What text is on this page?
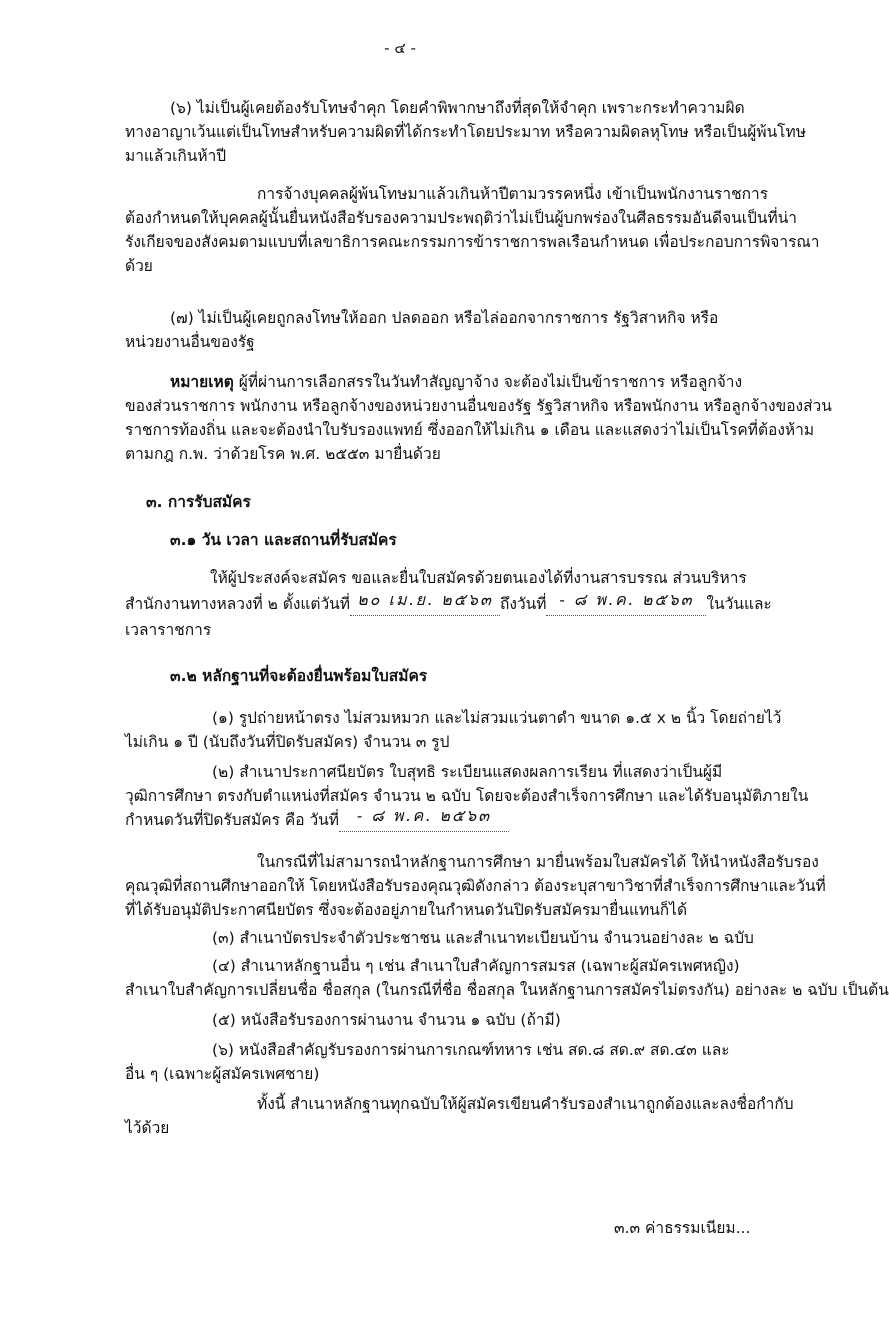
- ๔ -
(๖) ไม่เป็นผู้เคยต้องรับโทษจำคุก โดยคำพิพากษาถึงที่สุดให้จำคุก เพราะกระทำความผิด
ทางอาญาเว้นแต่เป็นโทษสำหรับความผิดที่ได้กระทำโดยประมาท หรือความผิดลหุโทษ หรือเป็นผู้พ้นโทษ
มาแล้วเกินห้าปี
การจ้างบุคคลผู้พ้นโทษมาแล้วเกินห้าปีตามวรรคหนึ่ง เข้าเป็นพนักงานราชการ
ต้องกำหนดให้บุคคลผู้นั้นยื่นหนังสือรับรองความประพฤติว่าไม่เป็นผู้บกพร่องในศีลธรรมอันดีจนเป็นที่น่า
รังเกียจของสังคมตามแบบที่เลขาธิการคณะกรรมการข้าราชการพลเรือนกำหนด เพื่อประกอบการพิจารณา
ด้วย
(๗) ไม่เป็นผู้เคยถูกลงโทษให้ออก ปลดออก หรือไล่ออกจากราชการ รัฐวิสาหกิจ หรือ
หน่วยงานอื่นของรัฐ
หมายเหตุ ผู้ที่ผ่านการเลือกสรรในวันทำสัญญาจ้าง จะต้องไม่เป็นข้าราชการ หรือลูกจ้าง
ของส่วนราชการ พนักงาน หรือลูกจ้างของหน่วยงานอื่นของรัฐ รัฐวิสาหกิจ หรือพนักงาน หรือลูกจ้างของส่วน
ราชการท้องถิ่น และจะต้องนำใบรับรองแพทย์ ซึ่งออกให้ไม่เกิน ๑ เดือน และแสดงว่าไม่เป็นโรคที่ต้องห้าม
ตามกฎ ก.พ. ว่าด้วยโรค พ.ศ. ๒๕๕๓ มายื่นด้วย
๓. การรับสมัคร
๓.๑ วัน เวลา และสถานที่รับสมัคร
ให้ผู้ประสงค์จะสมัคร ขอและยื่นใบสมัครด้วยตนเองได้ที่งานสารบรรณ ส่วนบริหาร
สำนักงานทางหลวงที่ ๒ ตั้งแต่วันที่ ๒๐ เม.ย. ๒๕๖๓ ถึงวันที่ - ๘ พ.ค. ๒๕๖๓ ในวันและ
เวลาราชการ
๓.๒ หลักฐานที่จะต้องยื่นพร้อมใบสมัคร
(๑) รูปถ่ายหน้าตรง ไม่สวมหมวก และไม่สวมแว่นตาดำ ขนาด ๑.๕ x ๒ นิ้ว โดยถ่ายไว้
ไม่เกิน ๑ ปี (นับถึงวันที่ปิดรับสมัคร) จำนวน ๓ รูป
(๒) สำเนาประกาศนียบัตร ใบสุทธิ ระเบียนแสดงผลการเรียน ที่แสดงว่าเป็นผู้มี
วุฒิการศึกษา ตรงกับตำแหน่งที่สมัคร จำนวน ๒ ฉบับ โดยจะต้องสำเร็จการศึกษา และได้รับอนุมัติภายใน
กำหนดวันที่ปิดรับสมัคร คือ วันที่ - ๘ พ.ค. ๒๕๖๓
ในกรณีที่ไม่สามารถนำหลักฐานการศึกษา มายื่นพร้อมใบสมัครได้ ให้นำหนังสือรับรอง
คุณวุฒิที่สถานศึกษาออกให้ โดยหนังสือรับรองคุณวุฒิดังกล่าว ต้องระบุสาขาวิชาที่สำเร็จการศึกษาและวันที่
ที่ได้รับอนุมัติประกาศนียบัตร ซึ่งจะต้องอยู่ภายในกำหนดวันปิดรับสมัครมายื่นแทนก็ได้
(๓) สำเนาบัตรประจำตัวประชาชน และสำเนาทะเบียนบ้าน จำนวนอย่างละ ๒ ฉบับ
(๔) สำเนาหลักฐานอื่น ๆ เช่น สำเนาใบสำคัญการสมรส (เฉพาะผู้สมัครเพศหญิง)
สำเนาใบสำคัญการเปลี่ยนชื่อ ชื่อสกุล (ในกรณีที่ชื่อ ชื่อสกุล ในหลักฐานการสมัครไม่ตรงกัน) อย่างละ ๒ ฉบับ เป็นต้น
(๕) หนังสือรับรองการผ่านงาน จำนวน ๑ ฉบับ (ถ้ามี)
(๖) หนังสือสำคัญรับรองการผ่านการเกณฑ์ทหาร เช่น สด.๘ สด.๙ สด.๔๓ และ
อื่น ๆ (เฉพาะผู้สมัครเพศชาย)
ทั้งนี้ สำเนาหลักฐานทุกฉบับให้ผู้สมัครเขียนคำรับรองสำเนาถูกต้องและลงชื่อกำกับ
ไว้ด้วย
๓.๓ ค่าธรรมเนียม...
